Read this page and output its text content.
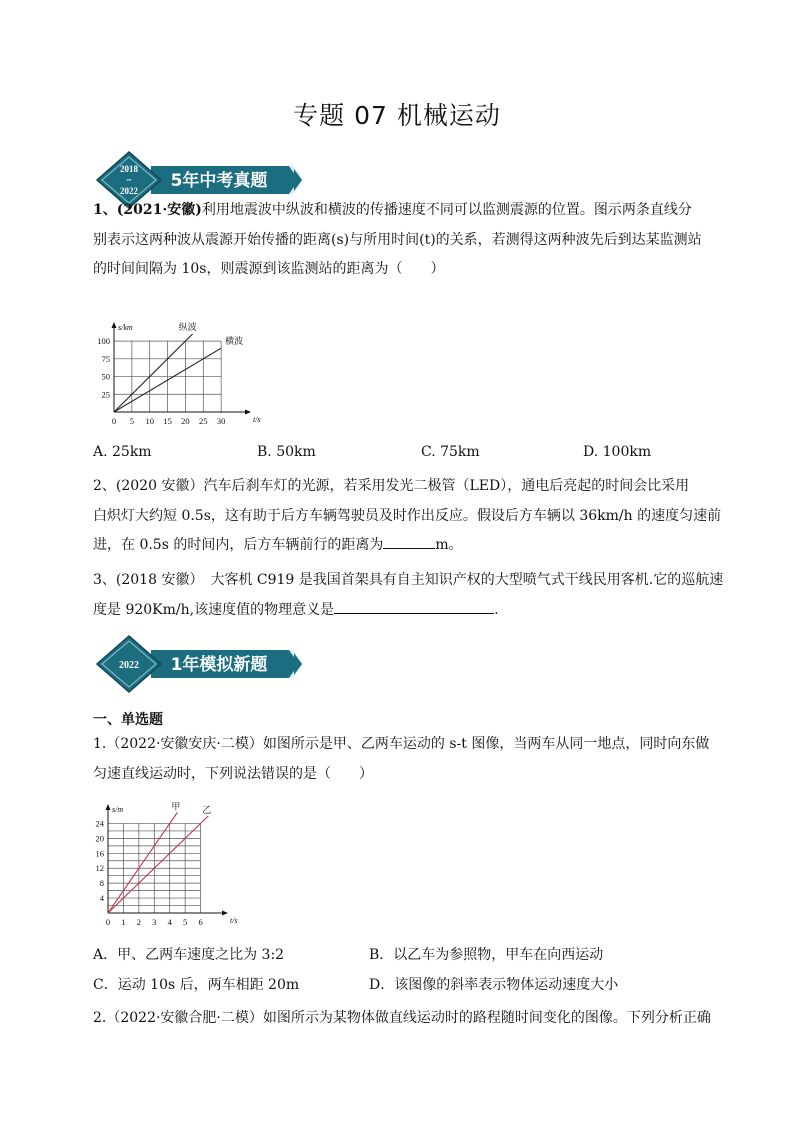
专题 07 机械运动
2018
~
2022 5年中考真题
1、(2021·安徽)利用地震波中纵波和横波的传播速度不同可以监测震源的位置。图示两条直线分
别表示这两种波从震源开始传播的距离(s)与所用时间(t)的关系，若测得这两种波先后到达某监测站
的时间间隔为 10s，则震源到该监测站的距离为（　　）
0 5 10 15 20 25 30
25
50
75
100
t/s
s/km	纵波
横波
A. 25km	B. 50km	C. 75km	D. 100km
2、(2020 安徽）汽车后刹车灯的光源，若采用发光二极管（LED），通电后亮起的时间会比采用
白炽灯大约短 0.5s，这有助于后方车辆驾驶员及时作出反应。假设后方车辆以 36km/h 的速度匀速前
进，在 0.5s 的时间内，后方车辆前行的距离为	m。
3、(2018 安徽）　大客机 C919 是我国首架具有自主知识产权的大型喷气式干线民用客机.它的巡航速
度是 920Km/h,该速度值的物理意义是	.
2022 1年模拟新题
一、单选题
1.（2022·安徽安庆·二模）如图所示是甲、乙两车运动的 s-t 图像，当两车从同一地点，同时向东做
匀速直线运动时，下列说法错误的是（　　）
0 1 2 3 4 5 6
4
8
12
16
20
24
t/s
s/m	甲 乙
A．甲、乙两车速度之比为 3:2	B．以乙车为参照物，甲车在向西运动
C．运动 10s 后，两车相距 20m	D．该图像的斜率表示物体运动速度大小
2.（2022·安徽合肥·二模）如图所示为某物体做直线运动时的路程随时间变化的图像。下列分析正确
